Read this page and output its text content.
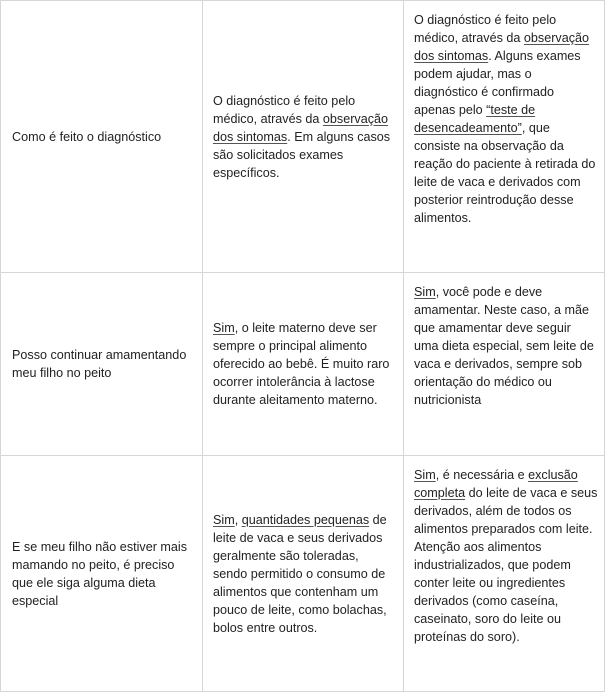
Como é feito o diagnóstico	O diagnóstico é feito pelo médico, através da observação dos sintomas. Em alguns casos são solicitados exames específicos.	O diagnóstico é feito pelo médico, através da observação dos sintomas. Alguns exames podem ajudar, mas o diagnóstico é confirmado apenas pelo “teste de desencadeamento”, que consiste na observação da reação do paciente à retirada do leite de vaca e derivados com posterior reintrodução desse alimentos.
Posso continuar amamentando meu filho no peito	Sim, o leite materno deve ser sempre o principal alimento oferecido ao bebê. É muito raro ocorrer intolerância à lactose durante aleitamento materno.	Sim, você pode e deve amamentar. Neste caso, a mãe que amamentar deve seguir uma dieta especial, sem leite de vaca e derivados, sempre sob orientação do médico ou nutricionista
E se meu filho não estiver mais mamando no peito, é preciso que ele siga alguma dieta especial	Sim, quantidades pequenas de leite de vaca e seus derivados geralmente são toleradas, sendo permitido o consumo de alimentos que contenham um pouco de leite, como bolachas, bolos entre outros.	Sim, é necessária e exclusão completa do leite de vaca e seus derivados, além de todos os alimentos preparados com leite. Atenção aos alimentos industrializados, que podem conter leite ou ingredientes derivados (como caseína, caseinato, soro do leite ou proteínas do soro).
